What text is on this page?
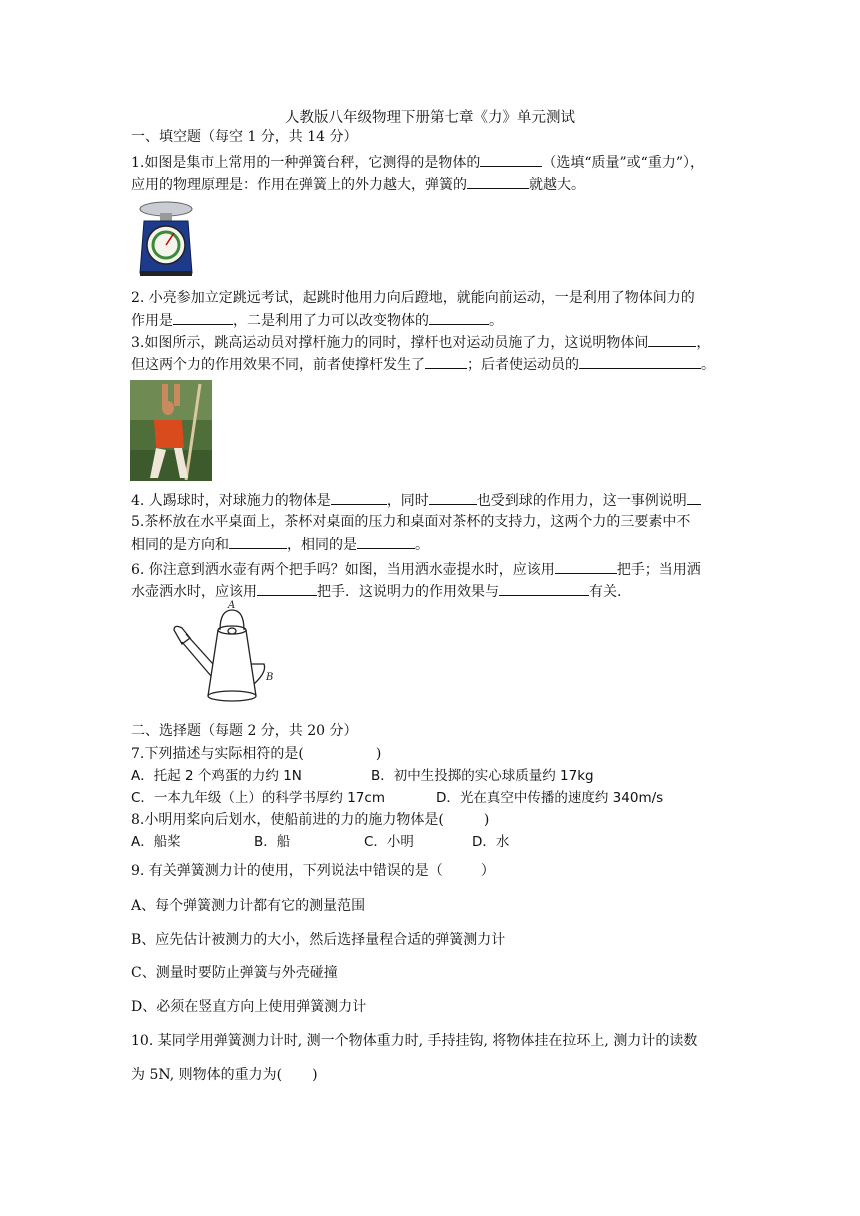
人教版八年级物理下册第七章《力》单元测试
一、填空题（每空 1 分，共 14 分）
1.如图是集市上常用的一种弹簧台秤，它测得的是物体的	（选填“质量”或“重力”），
应用的物理原理是：作用在弹簧上的外力越大，弹簧的	就越大。
2. 小亮参加立定跳远考试，起跳时他用力向后蹬地，就能向前运动，一是利用了物体间力的
作用是	，二是利用了力可以改变物体的	。
3.如图所示，跳高运动员对撑杆施力的同时，撑杆也对运动员施了力，这说明物体间	，
但这两个力的作用效果不同，前者使撑杆发生了	；后者使运动员的	。
4. 人踢球时，对球施力的物体是	，同时	也受到球的作用力，这一事例说明
5.茶杯放在水平桌面上，茶杯对桌面的压力和桌面对茶杯的支持力，这两个力的三要素中不
相同的是方向和	，相同的是	。
6. 你注意到洒水壶有两个把手吗？如图，当用洒水壶提水时，应该用	把手；当用洒
水壶洒水时，应该用	把手．这说明力的作用效果与	有关.
A
B
二、选择题（每题 2 分，共 20 分）
7.下列描述与实际相符的是(	)
A．托起 2 个鸡蛋的力约 1N	B．初中生投掷的实心球质量约 17kg
C．一本九年级（上）的科学书厚约 17cm	D．光在真空中传播的速度约 340m/s
8.小明用桨向后划水，使船前进的力的施力物体是(	)
A．船桨	B．船	C．小明	D．水
9. 有关弹簧测力计的使用，下列说法中错误的是（	）
A、每个弹簧测力计都有它的测量范围
B、应先估计被测力的大小，然后选择量程合适的弹簧测力计
C、测量时要防止弹簧与外壳碰撞
D、必须在竖直方向上使用弹簧测力计
10. 某同学用弹簧测力计时, 测一个物体重力时, 手持挂钩, 将物体挂在拉环上, 测力计的读数
为 5N, 则物体的重力为( )
